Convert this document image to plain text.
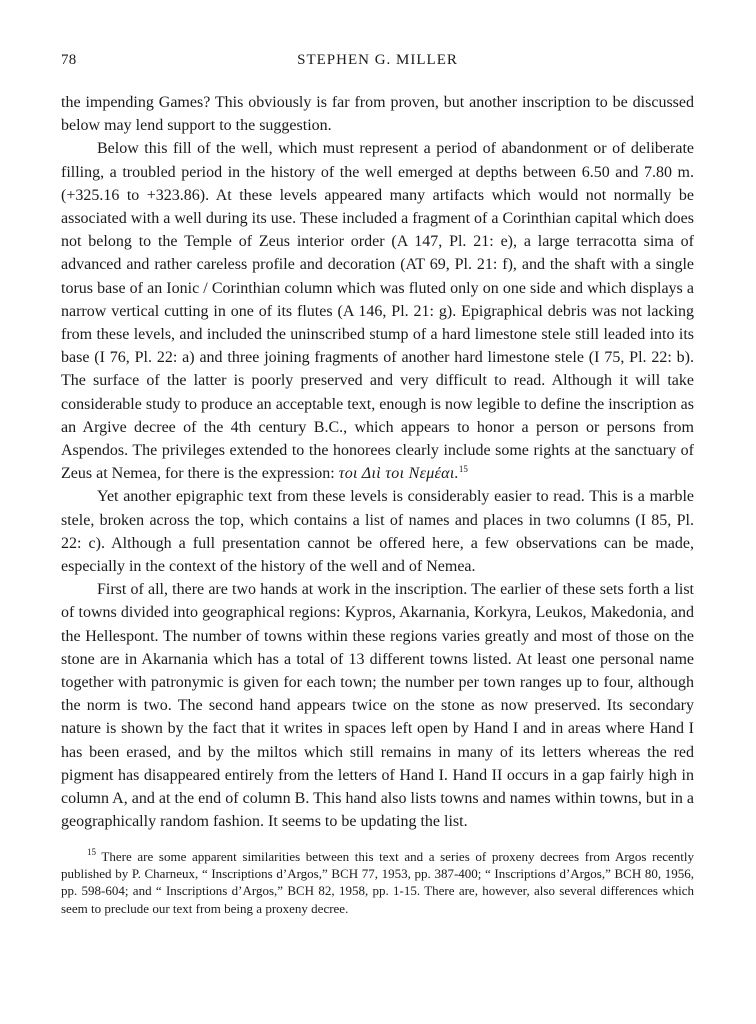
78	STEPHEN G. MILLER

the impending Games? This obviously is far from proven, but another inscription to be discussed below may lend support to the suggestion.

Below this fill of the well, which must represent a period of abandonment or of deliberate filling, a troubled period in the history of the well emerged at depths between 6.50 and 7.80 m. (+325.16 to +323.86). At these levels appeared many artifacts which would not normally be associated with a well during its use. These included a fragment of a Corinthian capital which does not belong to the Temple of Zeus interior order (A 147, Pl. 21: e), a large terracotta sima of advanced and rather careless profile and decoration (AT 69, Pl. 21: f), and the shaft with a single torus base of an Ionic / Corinthian column which was fluted only on one side and which displays a narrow vertical cutting in one of its flutes (A 146, Pl. 21: g). Epigraphical debris was not lacking from these levels, and included the uninscribed stump of a hard limestone stele still leaded into its base (I 76, Pl. 22: a) and three joining fragments of another hard limestone stele (I 75, Pl. 22: b). The surface of the latter is poorly preserved and very difficult to read. Although it will take considerable study to produce an acceptable text, enough is now legible to define the inscription as an Argive decree of the 4th century B.C., which appears to honor a person or persons from Aspendos. The privileges extended to the honorees clearly include some rights at the sanctuary of Zeus at Nemea, for there is the expression: τοι Διὶ τοι Νεμέαι.$^{15}$

Yet another epigraphic text from these levels is considerably easier to read. This is a marble stele, broken across the top, which contains a list of names and places in two columns (I 85, Pl. 22: c). Although a full presentation cannot be offered here, a few observations can be made, especially in the context of the history of the well and of Nemea.

First of all, there are two hands at work in the inscription. The earlier of these sets forth a list of towns divided into geographical regions: Kypros, Akarnania, Korkyra, Leukos, Makedonia, and the Hellespont. The number of towns within these regions varies greatly and most of those on the stone are in Akarnania which has a total of 13 different towns listed. At least one personal name together with patronymic is given for each town; the number per town ranges up to four, although the norm is two. The second hand appears twice on the stone as now preserved. Its secondary nature is shown by the fact that it writes in spaces left open by Hand I and in areas where Hand I has been erased, and by the miltos which still remains in many of its letters whereas the red pigment has disappeared entirely from the letters of Hand I. Hand II occurs in a gap fairly high in column A, and at the end of column B. This hand also lists towns and names within towns, but in a geographically random fashion. It seems to be updating the list.

$^{15}$ There are some apparent similarities between this text and a series of proxeny decrees from Argos recently published by P. Charneux, “ Inscriptions d’Argos,” BCH 77, 1953, pp. 387-400; “ Inscriptions d’Argos,” BCH 80, 1956, pp. 598-604; and “ Inscriptions d’Argos,” BCH 82, 1958, pp. 1-15. There are, however, also several differences which seem to preclude our text from being a proxeny decree.
